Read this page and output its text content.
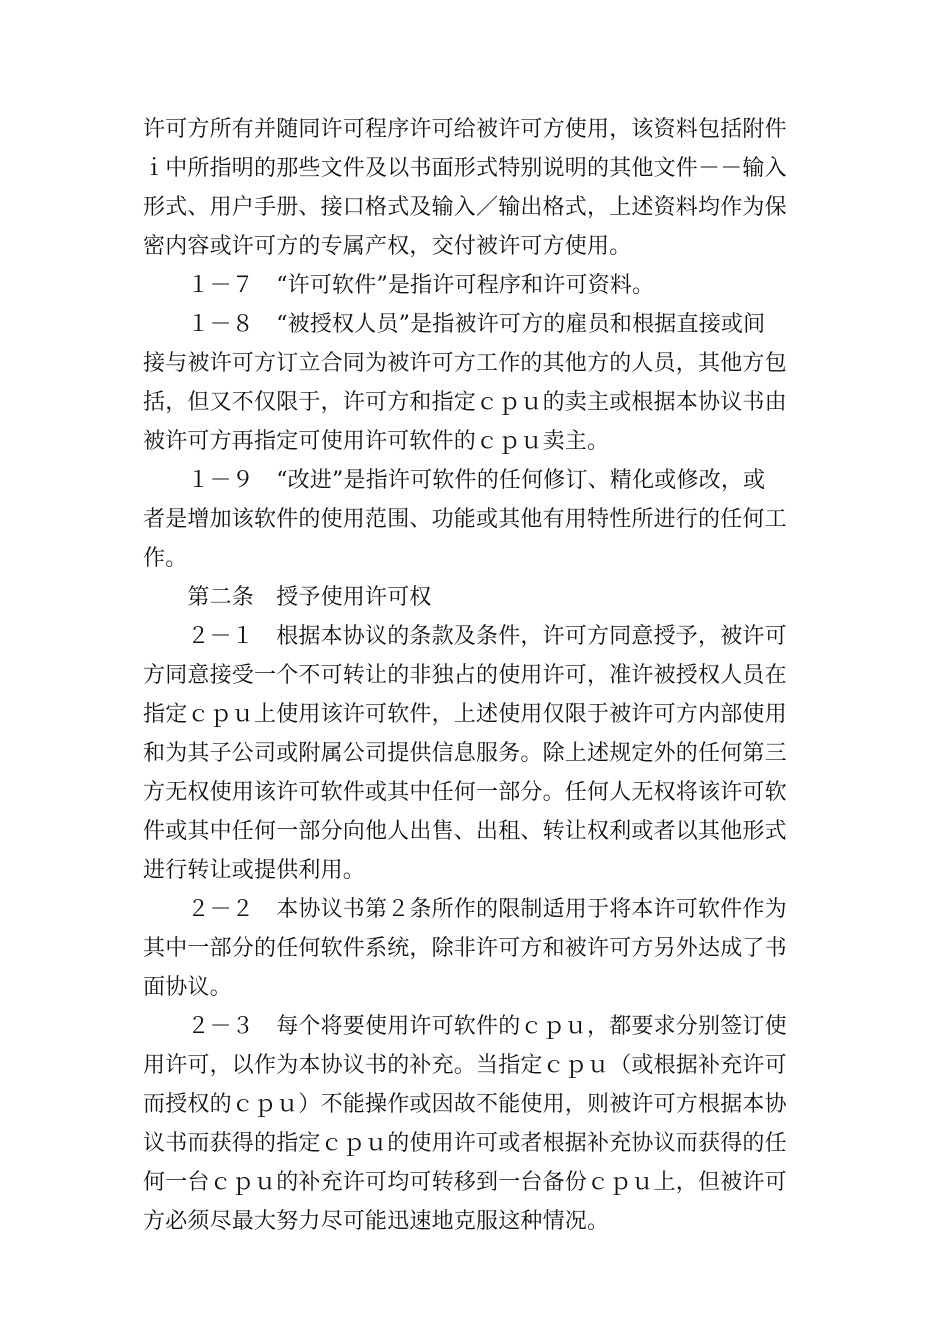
许可方所有并随同许可程序许可给被许可方使用，该资料包括附件
ｉ中所指明的那些文件及以书面形式特别说明的其他文件－－输入
形式、用户手册、接口格式及输入／输出格式，上述资料均作为保
密内容或许可方的专属产权，交付被许可方使用。
　　１－７　“许可软件”是指许可程序和许可资料。
　　１－８　“被授权人员”是指被许可方的雇员和根据直接或间
接与被许可方订立合同为被许可方工作的其他方的人员，其他方包
括，但又不仅限于，许可方和指定ｃｐｕ的卖主或根据本协议书由
被许可方再指定可使用许可软件的ｃｐｕ卖主。
　　１－９　“改进”是指许可软件的任何修订、精化或修改，或
者是增加该软件的使用范围、功能或其他有用特性所进行的任何工
作。
　　第二条　授予使用许可权
　　２－１　根据本协议的条款及条件，许可方同意授予，被许可
方同意接受一个不可转让的非独占的使用许可，准许被授权人员在
指定ｃｐｕ上使用该许可软件，上述使用仅限于被许可方内部使用
和为其子公司或附属公司提供信息服务。除上述规定外的任何第三
方无权使用该许可软件或其中任何一部分。任何人无权将该许可软
件或其中任何一部分向他人出售、出租、转让权利或者以其他形式
进行转让或提供利用。
　　２－２　本协议书第２条所作的限制适用于将本许可软件作为
其中一部分的任何软件系统，除非许可方和被许可方另外达成了书
面协议。
　　２－３　每个将要使用许可软件的ｃｐｕ，都要求分别签订使
用许可，以作为本协议书的补充。当指定ｃｐｕ（或根据补充许可
而授权的ｃｐｕ）不能操作或因故不能使用，则被许可方根据本协
议书而获得的指定ｃｐｕ的使用许可或者根据补充协议而获得的任
何一台ｃｐｕ的补充许可均可转移到一台备份ｃｐｕ上，但被许可
方必须尽最大努力尽可能迅速地克服这种情况。
